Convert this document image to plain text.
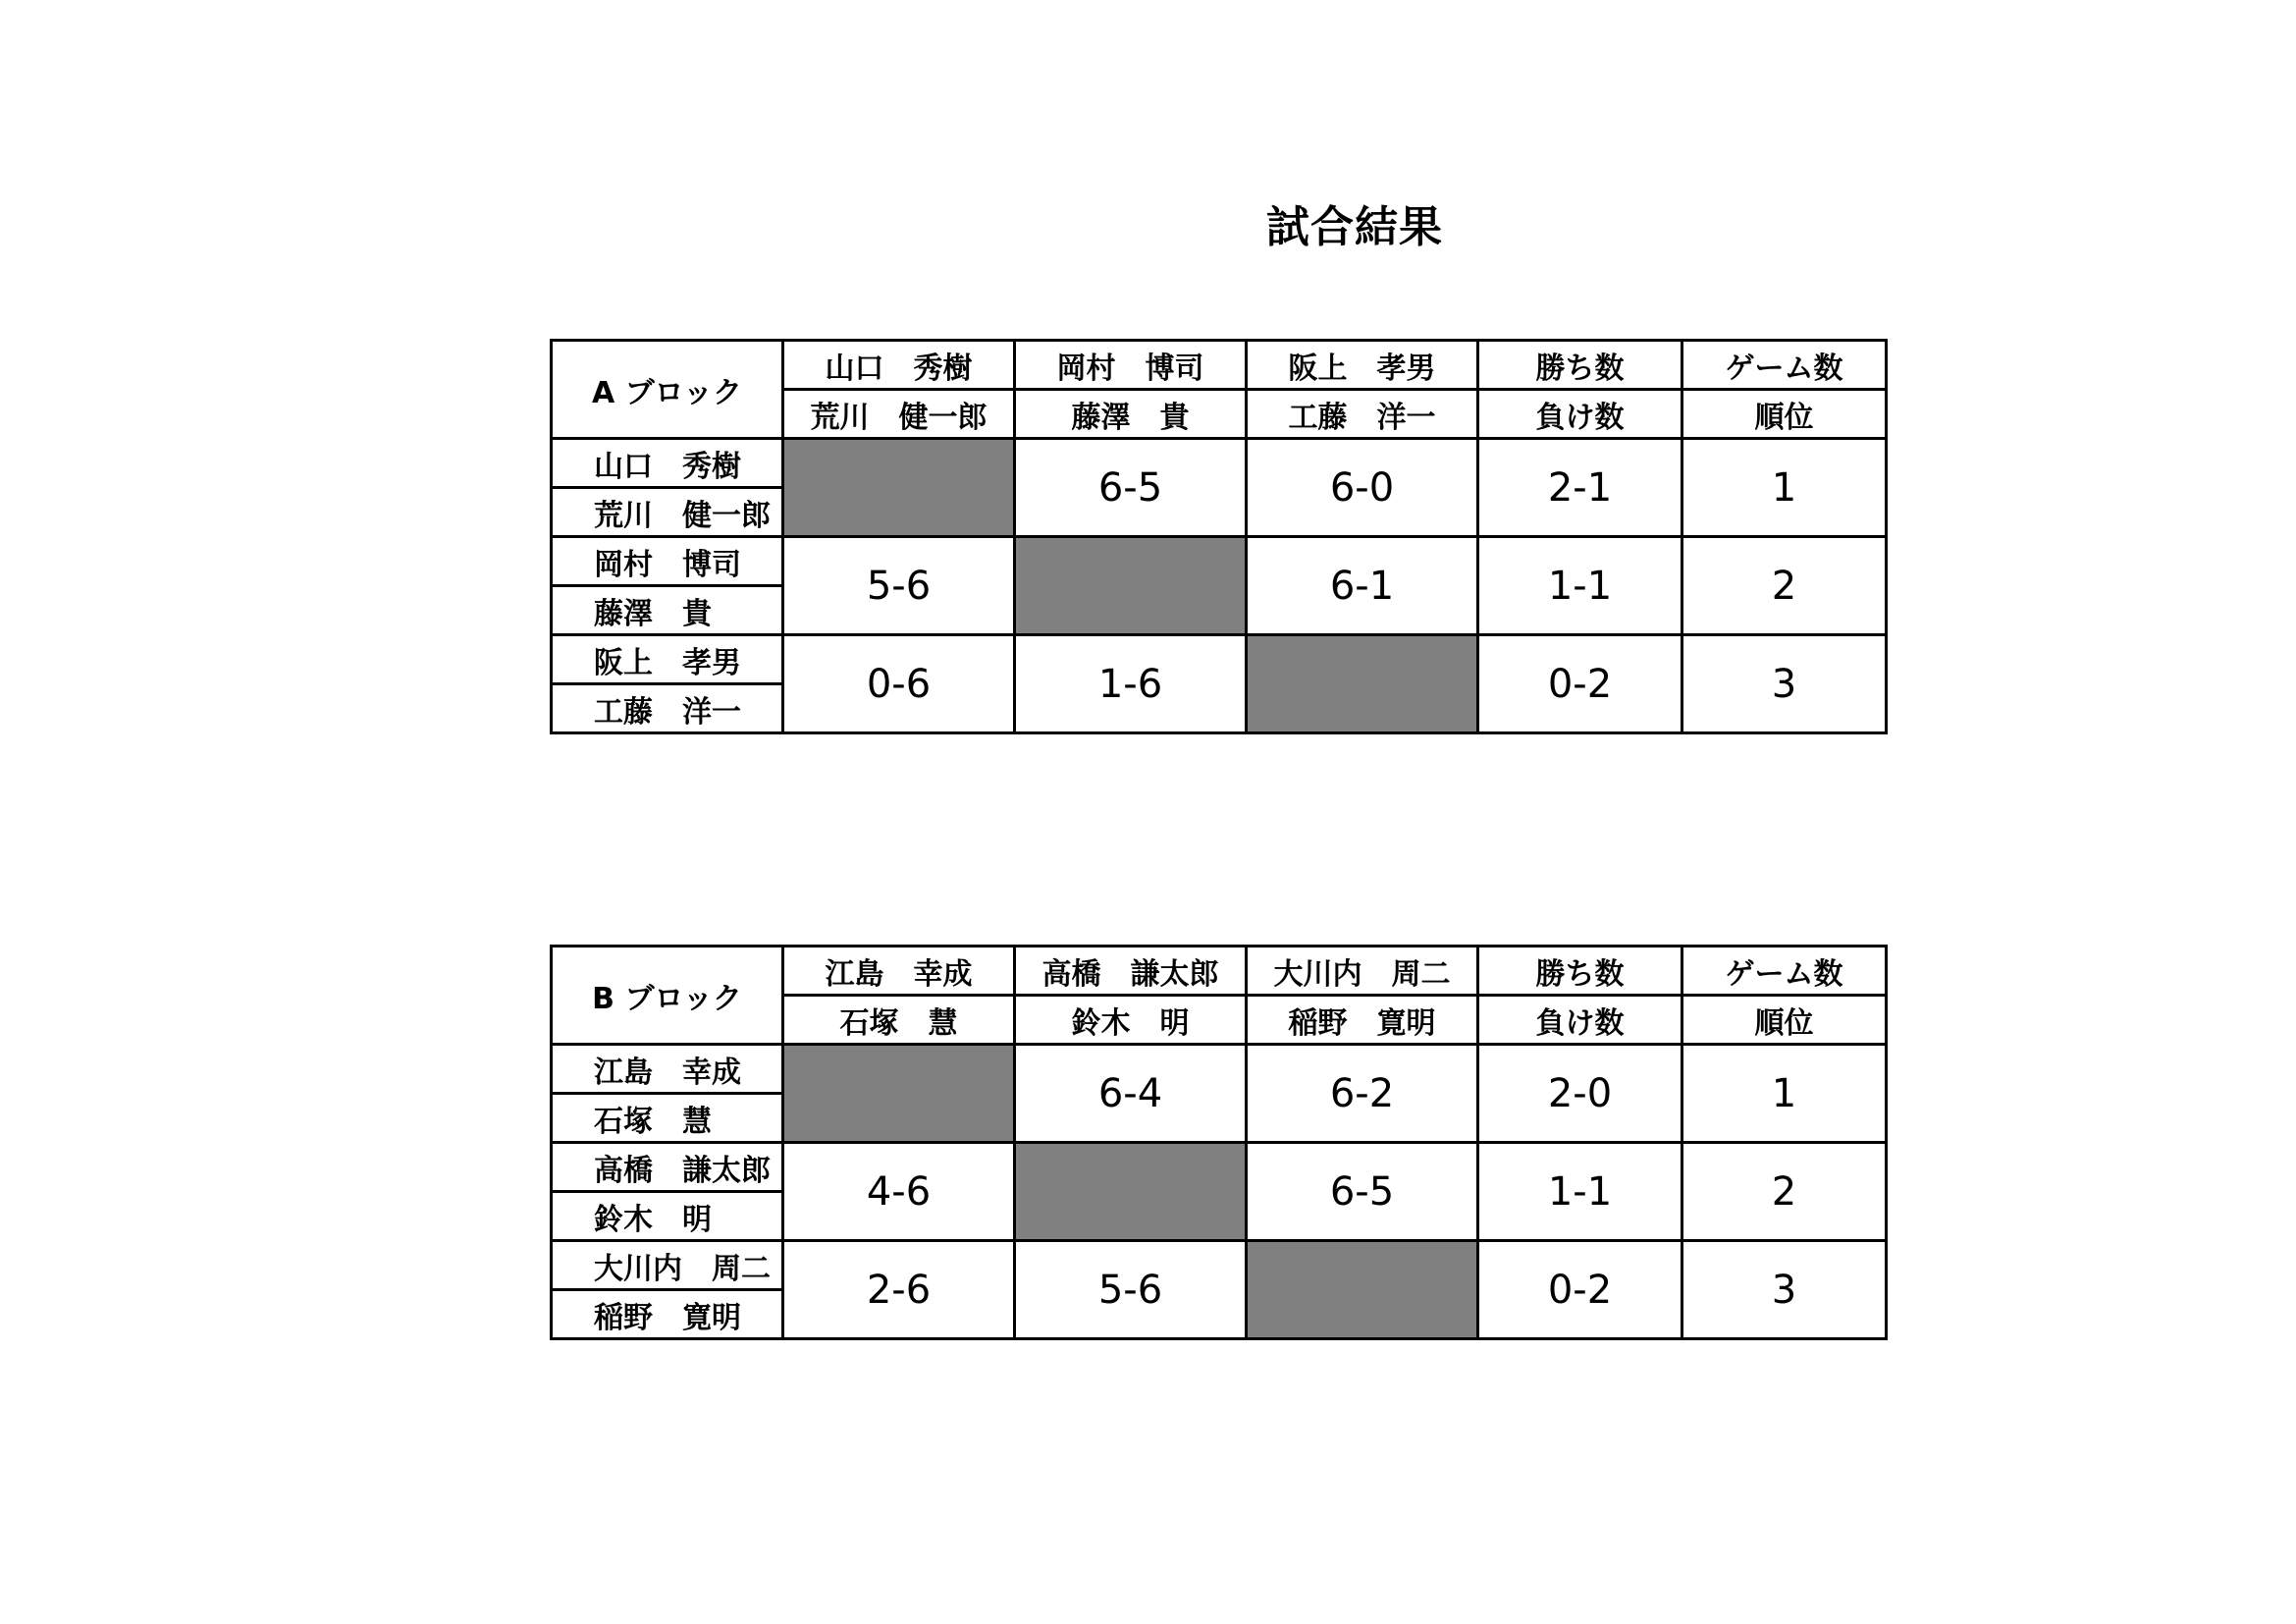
試合結果
A ブロック	山口　秀樹	岡村　博司	阪上　孝男	勝ち数	ゲーム数
	荒川　健一郎	藤澤　貴	工藤　洋一	負け数	順位
山口　秀樹		6-5	6-0	2-1	1
荒川　健一郎					
岡村　博司	5-6		6-1	1-1	2
藤澤　貴					
阪上　孝男	0-6	1-6		0-2	3
工藤　洋一					
B ブロック	江島　幸成	高橋　謙太郎	大川内　周二	勝ち数	ゲーム数
	石塚　慧	鈴木　明	稲野　寛明	負け数	順位
江島　幸成		6-4	6-2	2-0	1
石塚　慧					
高橋　謙太郎	4-6		6-5	1-1	2
鈴木　明					
大川内　周二	2-6	5-6		0-2	3
稲野　寛明					
